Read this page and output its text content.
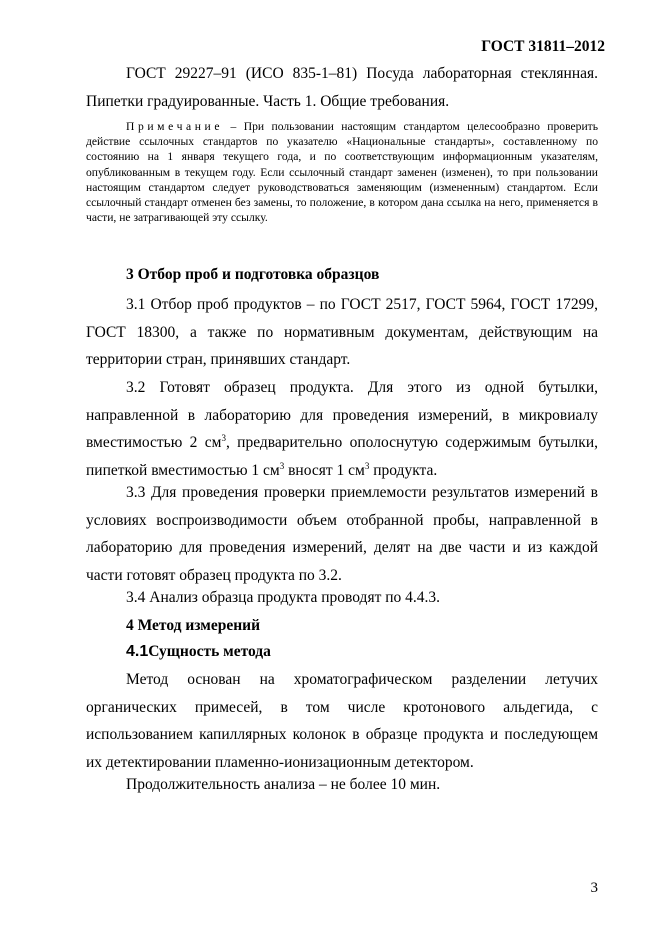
ГОСТ 31811–2012

ГОСТ 29227–91 (ИСО 835-1–81) Посуда лабораторная стеклянная. Пипетки градуированные. Часть 1. Общие требования.

Примечание – При пользовании настоящим стандартом целесообразно проверить действие ссылочных стандартов по указателю «Национальные стандарты», составленному по состоянию на 1 января текущего года, и по соответствующим информационным указателям, опубликованным в текущем году. Если ссылочный стандарт заменен (изменен), то при пользовании настоящим стандартом следует руководствоваться заменяющим (измененным) стандартом. Если ссылочный стандарт отменен без замены, то положение, в котором дана ссылка на него, применяется в части, не затрагивающей эту ссылку.

3 Отбор проб и подготовка образцов

3.1 Отбор проб продуктов – по ГОСТ 2517, ГОСТ 5964, ГОСТ 17299, ГОСТ 18300, а также по нормативным документам, действующим на территории стран, принявших стандарт.

3.2 Готовят образец продукта. Для этого из одной бутылки, направленной в лабораторию для проведения измерений, в микровиалу вместимостью 2 $см^3$, предварительно ополоснутую содержимым бутылки, пипеткой вместимостью 1 $см^3$ вносят 1 $см^3$ продукта.

3.3 Для проведения проверки приемлемости результатов измерений в условиях воспроизводимости объем отобранной пробы, направленной в лабораторию для проведения измерений, делят на две части и из каждой части готовят образец продукта по 3.2.

3.4 Анализ образца продукта проводят по 4.4.3.

4 Метод измерений
4.1Сущность метода

Метод основан на хроматографическом разделении летучих органических примесей, в том числе кротонового альдегида, с использованием капиллярных колонок в образце продукта и последующем их детектировании пламенно-ионизационным детектором.

Продолжительность анализа – не более 10 мин.

3
